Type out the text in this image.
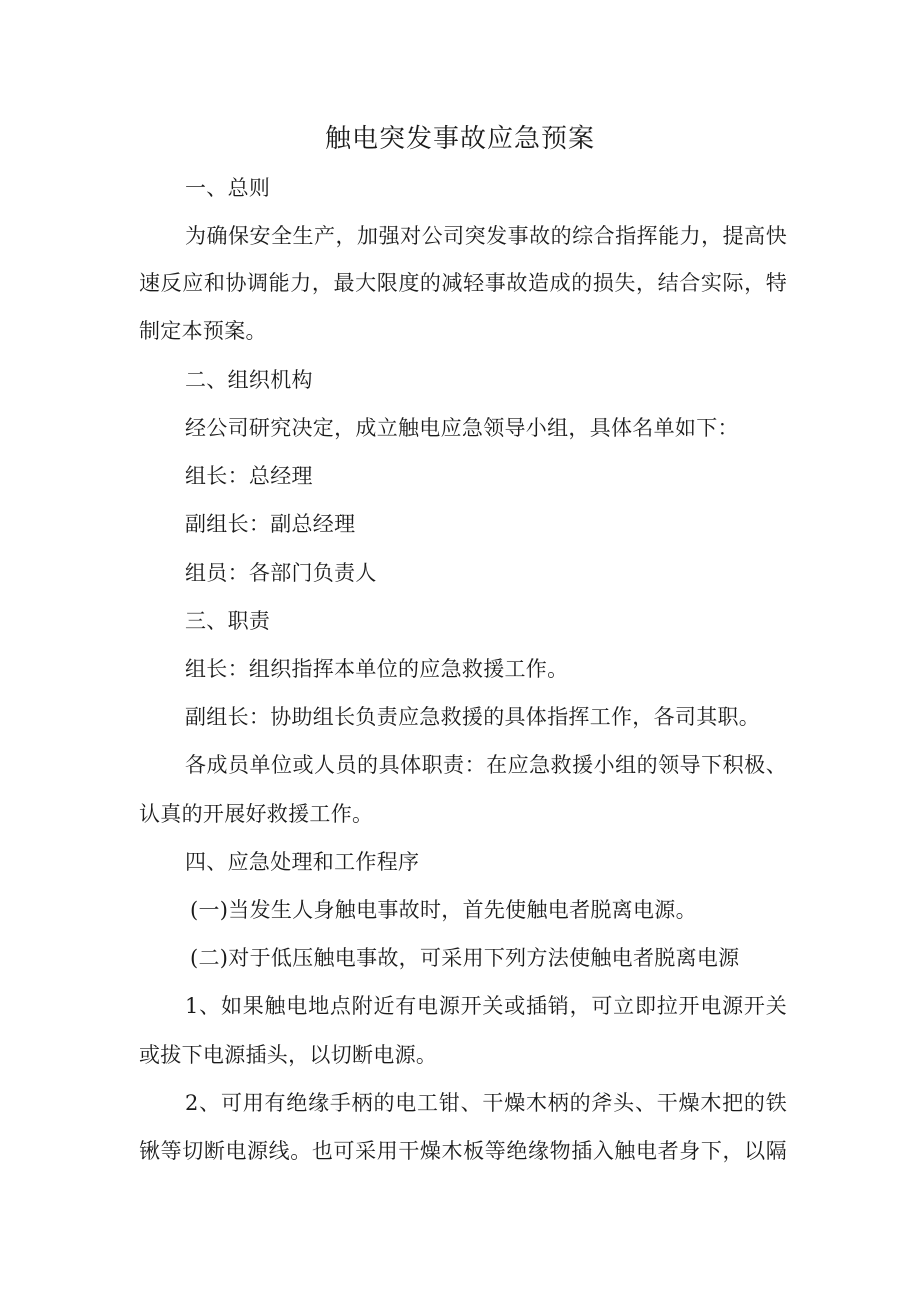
触电突发事故应急预案
一、总则
为确保安全生产，加强对公司突发事故的综合指挥能力，提高快
速反应和协调能力，最大限度的减轻事故造成的损失，结合实际，特
制定本预案。
二、组织机构
经公司研究决定，成立触电应急领导小组，具体名单如下：
组长：总经理
副组长：副总经理
组员：各部门负责人
三、职责
组长：组织指挥本单位的应急救援工作。
副组长：协助组长负责应急救援的具体指挥工作，各司其职。
各成员单位或人员的具体职责：在应急救援小组的领导下积极、
认真的开展好救援工作。
四、应急处理和工作程序
(一)当发生人身触电事故时，首先使触电者脱离电源。
(二)对于低压触电事故，可采用下列方法使触电者脱离电源
1、如果触电地点附近有电源开关或插销，可立即拉开电源开关
或拔下电源插头，以切断电源。
2、可用有绝缘手柄的电工钳、干燥木柄的斧头、干燥木把的铁
锹等切断电源线。也可采用干燥木板等绝缘物插入触电者身下，以隔
